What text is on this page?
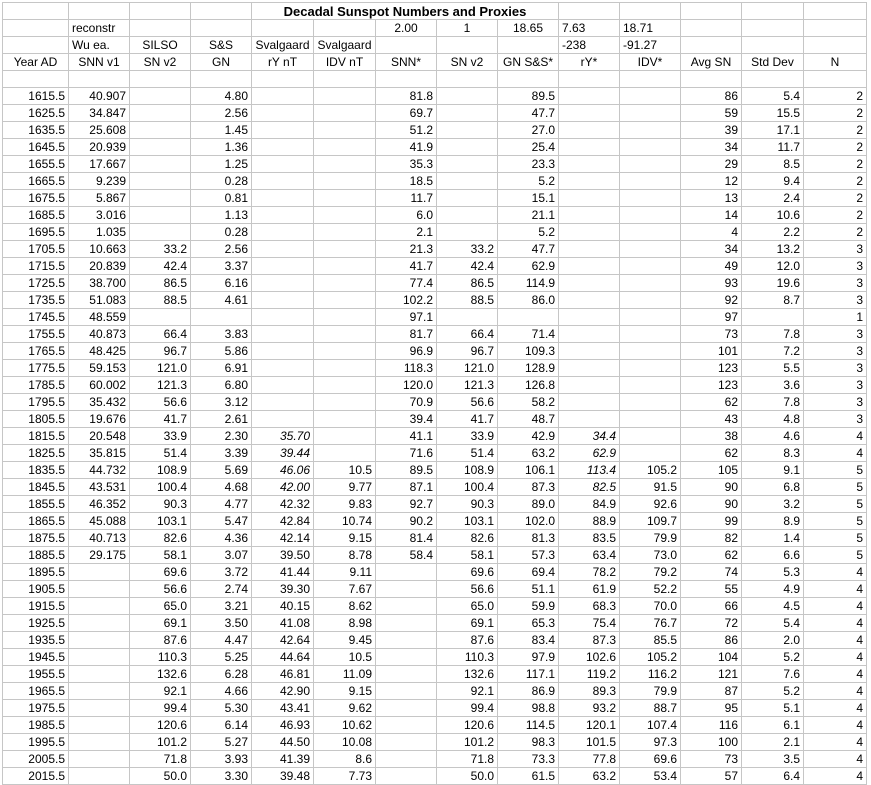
				Decadal Sunspot Numbers and Proxies									
	reconstr					2.00	1	18.65	7.63	18.71			
	Wu ea.	SILSO	S&S	Svalgaard	Svalgaard				-238	-91.27			
Year AD	SNN v1	SN v2	GN	rY nT	IDV nT	SNN*	SN v2	GN S&S*	rY*	IDV*	Avg SN	Std Dev	N

1615.5	40.907		4.80			81.8		89.5			86	5.4	2
1625.5	34.847		2.56			69.7		47.7			59	15.5	2
1635.5	25.608		1.45			51.2		27.0			39	17.1	2
1645.5	20.939		1.36			41.9		25.4			34	11.7	2
1655.5	17.667		1.25			35.3		23.3			29	8.5	2
1665.5	9.239		0.28			18.5		5.2			12	9.4	2
1675.5	5.867		0.81			11.7		15.1			13	2.4	2
1685.5	3.016		1.13			6.0		21.1			14	10.6	2
1695.5	1.035		0.28			2.1		5.2			4	2.2	2
1705.5	10.663	33.2	2.56			21.3	33.2	47.7			34	13.2	3
1715.5	20.839	42.4	3.37			41.7	42.4	62.9			49	12.0	3
1725.5	38.700	86.5	6.16			77.4	86.5	114.9			93	19.6	3
1735.5	51.083	88.5	4.61			102.2	88.5	86.0			92	8.7	3
1745.5	48.559					97.1					97		1
1755.5	40.873	66.4	3.83			81.7	66.4	71.4			73	7.8	3
1765.5	48.425	96.7	5.86			96.9	96.7	109.3			101	7.2	3
1775.5	59.153	121.0	6.91			118.3	121.0	128.9			123	5.5	3
1785.5	60.002	121.3	6.80			120.0	121.3	126.8			123	3.6	3
1795.5	35.432	56.6	3.12			70.9	56.6	58.2			62	7.8	3
1805.5	19.676	41.7	2.61			39.4	41.7	48.7			43	4.8	3
1815.5	20.548	33.9	2.30	35.70		41.1	33.9	42.9	34.4		38	4.6	4
1825.5	35.815	51.4	3.39	39.44		71.6	51.4	63.2	62.9		62	8.3	4
1835.5	44.732	108.9	5.69	46.06	10.5	89.5	108.9	106.1	113.4	105.2	105	9.1	5
1845.5	43.531	100.4	4.68	42.00	9.77	87.1	100.4	87.3	82.5	91.5	90	6.8	5
1855.5	46.352	90.3	4.77	42.32	9.83	92.7	90.3	89.0	84.9	92.6	90	3.2	5
1865.5	45.088	103.1	5.47	42.84	10.74	90.2	103.1	102.0	88.9	109.7	99	8.9	5
1875.5	40.713	82.6	4.36	42.14	9.15	81.4	82.6	81.3	83.5	79.9	82	1.4	5
1885.5	29.175	58.1	3.07	39.50	8.78	58.4	58.1	57.3	63.4	73.0	62	6.6	5
1895.5		69.6	3.72	41.44	9.11		69.6	69.4	78.2	79.2	74	5.3	4
1905.5		56.6	2.74	39.30	7.67		56.6	51.1	61.9	52.2	55	4.9	4
1915.5		65.0	3.21	40.15	8.62		65.0	59.9	68.3	70.0	66	4.5	4
1925.5		69.1	3.50	41.08	8.98		69.1	65.3	75.4	76.7	72	5.4	4
1935.5		87.6	4.47	42.64	9.45		87.6	83.4	87.3	85.5	86	2.0	4
1945.5		110.3	5.25	44.64	10.5		110.3	97.9	102.6	105.2	104	5.2	4
1955.5		132.6	6.28	46.81	11.09		132.6	117.1	119.2	116.2	121	7.6	4
1965.5		92.1	4.66	42.90	9.15		92.1	86.9	89.3	79.9	87	5.2	4
1975.5		99.4	5.30	43.41	9.62		99.4	98.8	93.2	88.7	95	5.1	4
1985.5		120.6	6.14	46.93	10.62		120.6	114.5	120.1	107.4	116	6.1	4
1995.5		101.2	5.27	44.50	10.08		101.2	98.3	101.5	97.3	100	2.1	4
2005.5		71.8	3.93	41.39	8.6		71.8	73.3	77.8	69.6	73	3.5	4
2015.5		50.0	3.30	39.48	7.73		50.0	61.5	63.2	53.4	57	6.4	4
